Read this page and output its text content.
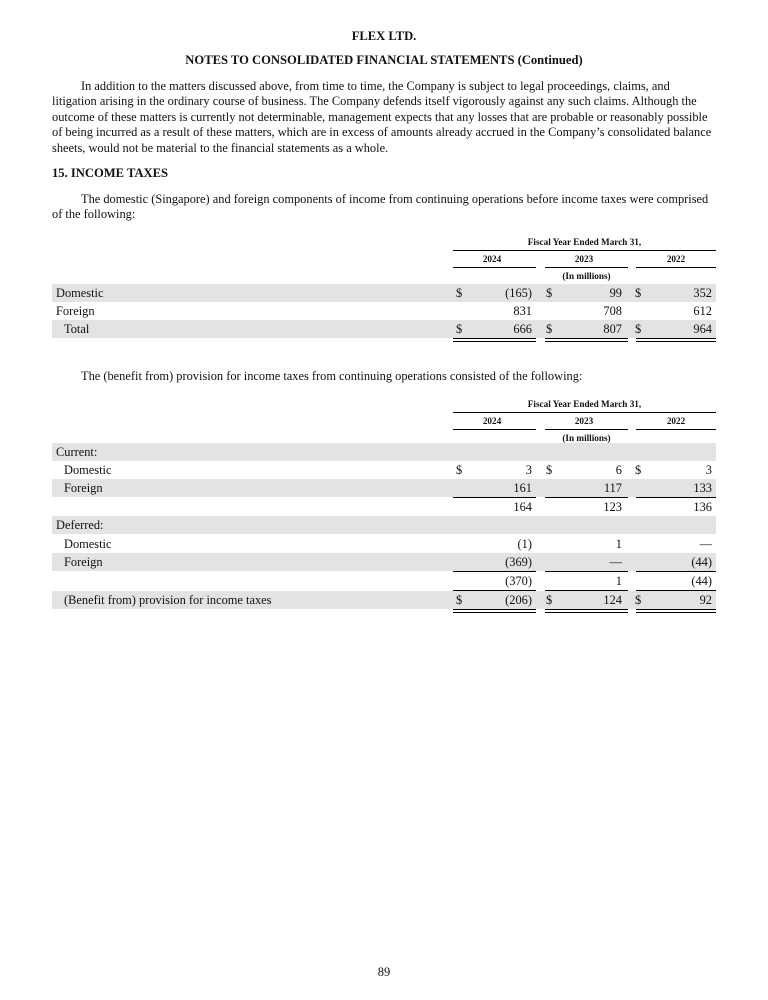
FLEX LTD.
NOTES TO CONSOLIDATED FINANCIAL STATEMENTS (Continued)
In addition to the matters discussed above, from time to time, the Company is subject to legal proceedings, claims, and litigation arising in the ordinary course of business. The Company defends itself vigorously against any such claims. Although the outcome of these matters is currently not determinable, management expects that any losses that are probable or reasonably possible of being incurred as a result of these matters, which are in excess of amounts already accrued in the Company’s consolidated balance sheets, would not be material to the financial statements as a whole.
15. INCOME TAXES
The domestic (Singapore) and foreign components of income from continuing operations before income taxes were comprised of the following:
Fiscal Year Ended March 31,
2024	2023	2022
(In millions)
Domestic	$	(165) $	99 $	352
Foreign	831	708	612
Total	$	666 $	807 $	964
The (benefit from) provision for income taxes from continuing operations consisted of the following:
Fiscal Year Ended March 31,
2024	2023	2022
(In millions)
Current:
Domestic	$	3 $	6 $	3
Foreign	161	117	133
164	123	136
Deferred:
Domestic	(1)	1	—
Foreign	(369)	—	(44)
(370)	1	(44)
(Benefit from) provision for income taxes	$	(206) $	124 $	92
89
